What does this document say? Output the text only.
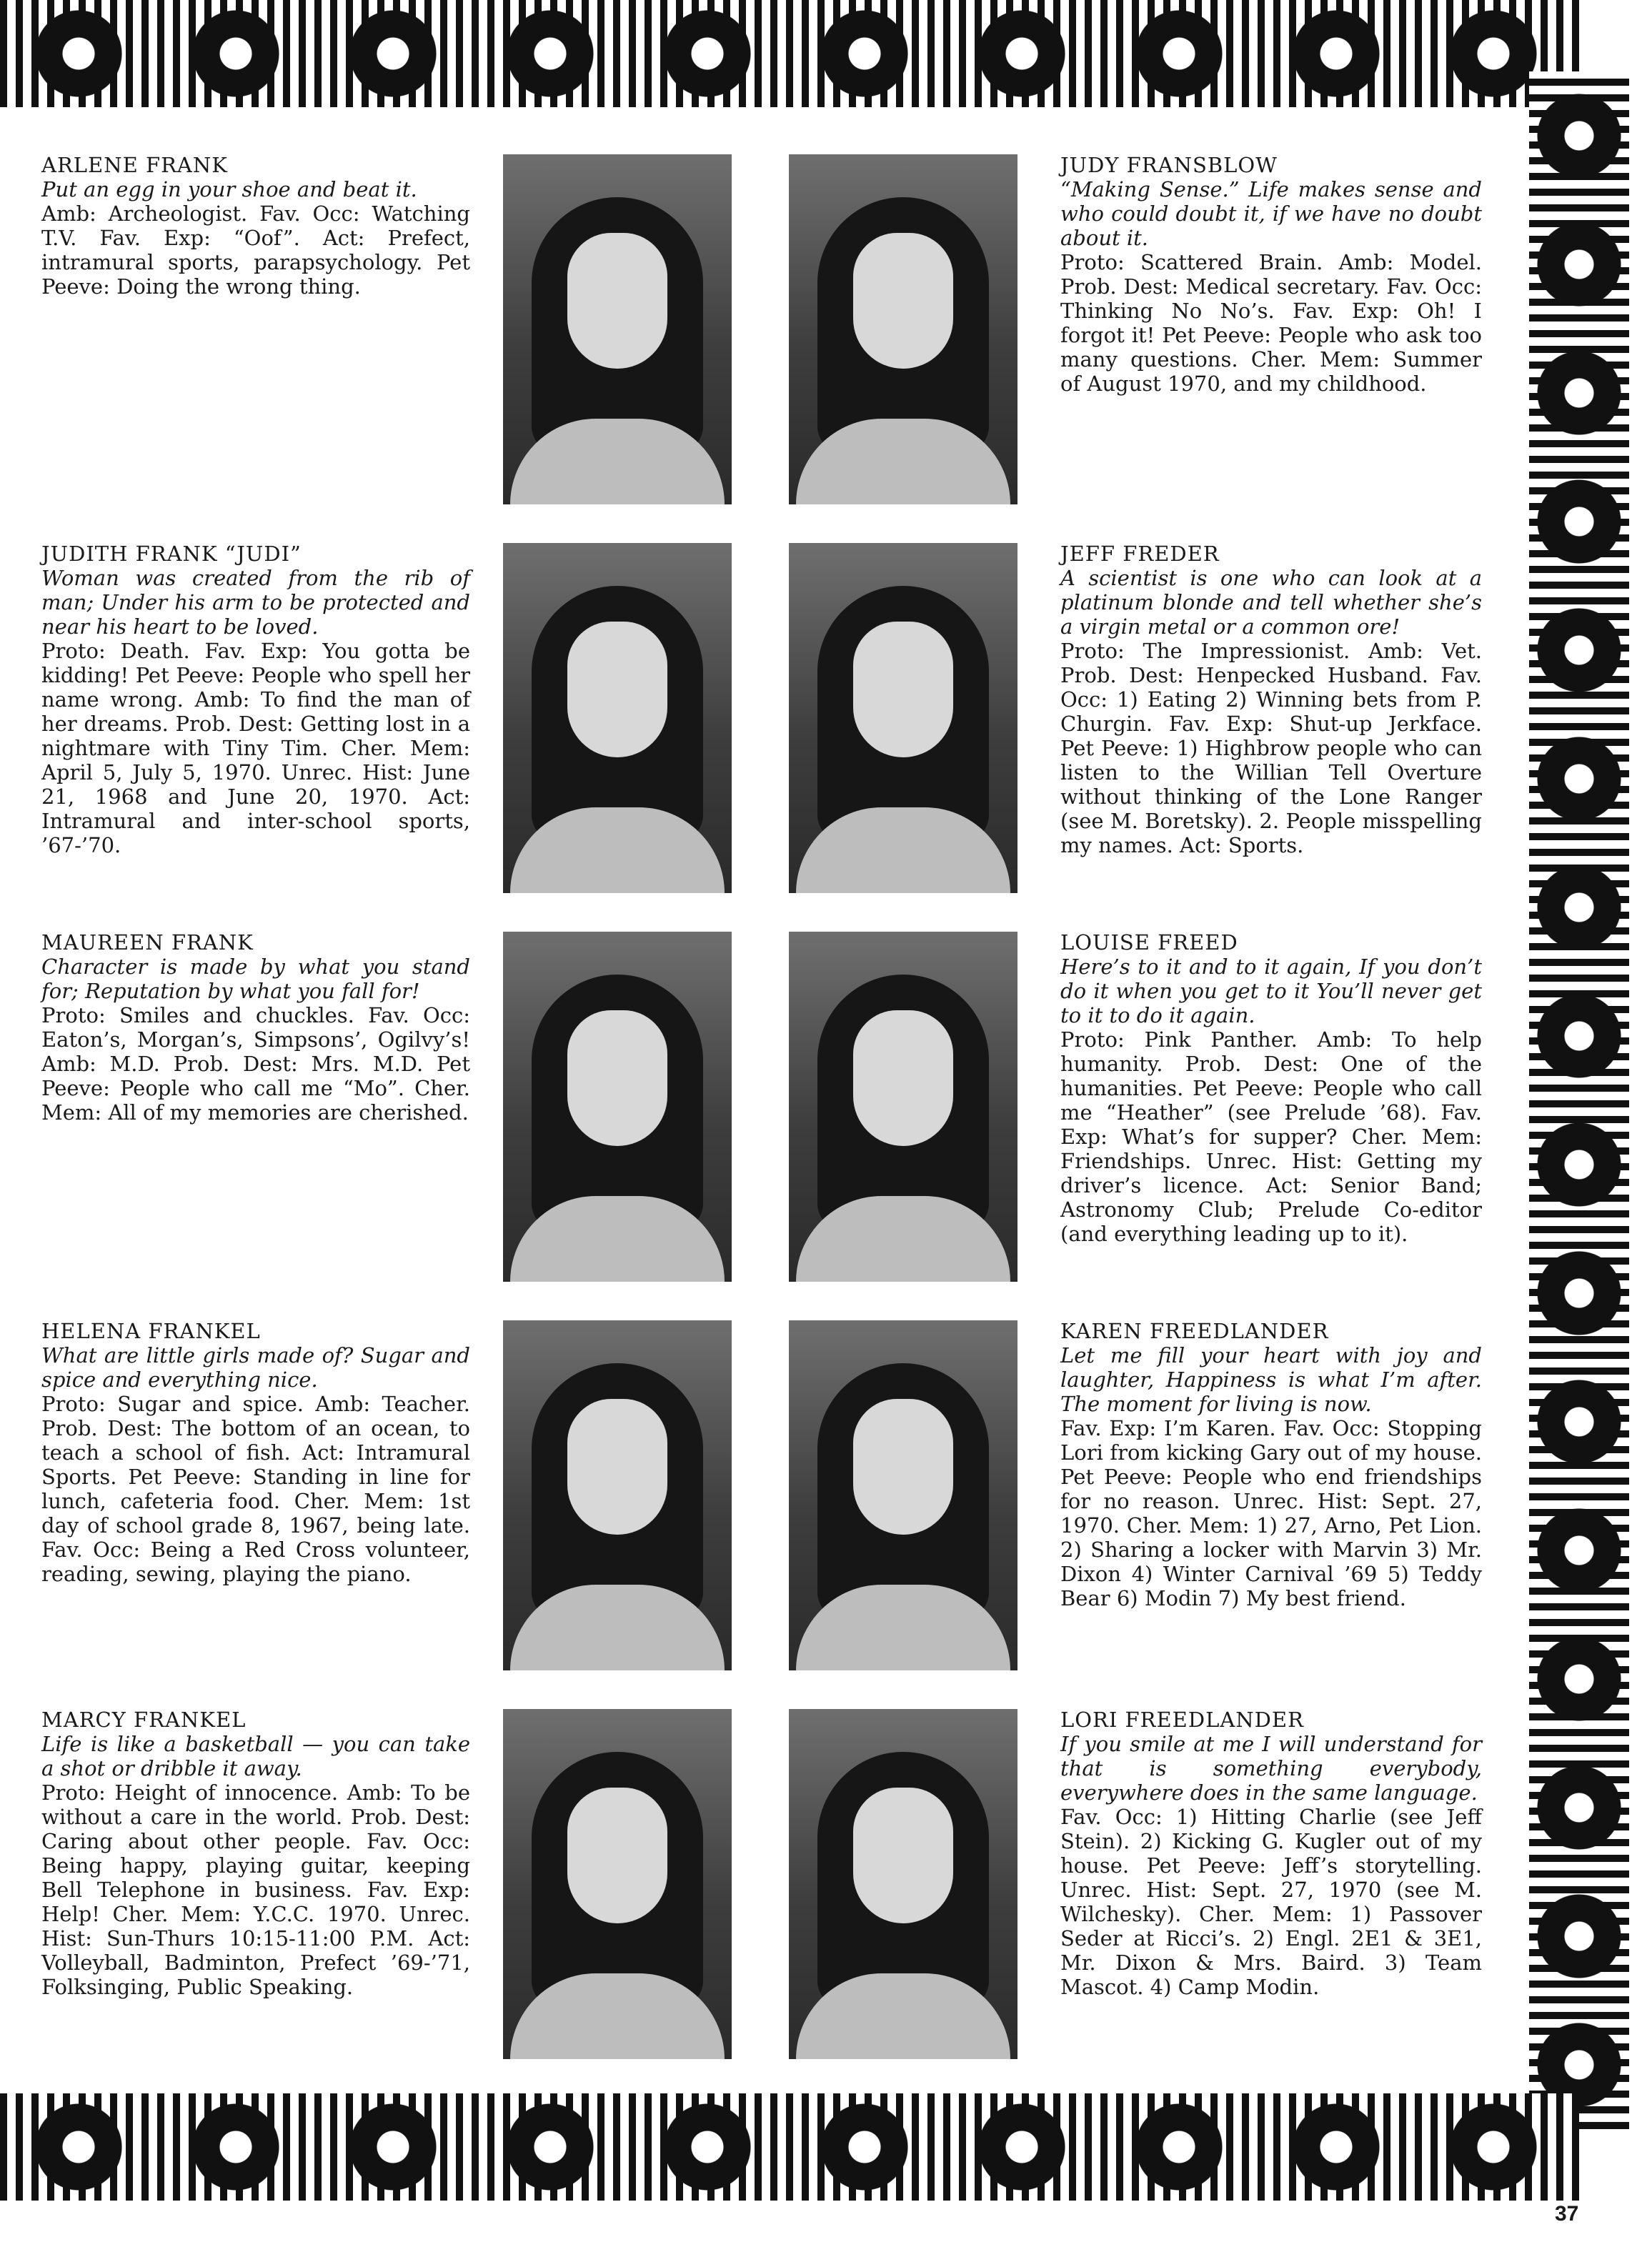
ARLENE FRANK
Put an egg in your shoe and beat it.
Amb: Archeologist. Fav. Occ: Watching T.V. Fav. Exp: “Oof”. Act: Prefect, intramural sports, parapsychology. Pet Peeve: Doing the wrong thing.
JUDITH FRANK “JUDI”
Woman was created from the rib of man; Under his arm to be protected and near his heart to be loved.
Proto: Death. Fav. Exp: You gotta be kidding! Pet Peeve: People who spell her name wrong. Amb: To find the man of her dreams. Prob. Dest: Getting lost in a nightmare with Tiny Tim. Cher. Mem: April 5, July 5, 1970. Unrec. Hist: June 21, 1968 and June 20, 1970. Act: Intramural and inter-school sports, ’67-’70.
MAUREEN FRANK
Character is made by what you stand for; Reputation by what you fall for!
Proto: Smiles and chuckles. Fav. Occ: Eaton’s, Morgan’s, Simpsons’, Ogilvy’s! Amb: M.D. Prob. Dest: Mrs. M.D. Pet Peeve: People who call me “Mo”. Cher. Mem: All of my memories are cherished.
HELENA FRANKEL
What are little girls made of? Sugar and spice and everything nice.
Proto: Sugar and spice. Amb: Teacher. Prob. Dest: The bottom of an ocean, to teach a school of fish. Act: Intramural Sports. Pet Peeve: Standing in line for lunch, cafeteria food. Cher. Mem: 1st day of school grade 8, 1967, being late. Fav. Occ: Being a Red Cross volunteer, reading, sewing, playing the piano.
MARCY FRANKEL
Life is like a basketball — you can take a shot or dribble it away.
Proto: Height of innocence. Amb: To be without a care in the world. Prob. Dest: Caring about other people. Fav. Occ: Being happy, playing guitar, keeping Bell Telephone in business. Fav. Exp: Help! Cher. Mem: Y.C.C. 1970. Unrec. Hist: Sun-Thurs 10:15-11:00 P.M. Act: Volleyball, Badminton, Prefect ’69-’71, Folksinging, Public Speaking.
JUDY FRANSBLOW
“Making Sense.” Life makes sense and who could doubt it, if we have no doubt about it.
Proto: Scattered Brain. Amb: Model. Prob. Dest: Medical secretary. Fav. Occ: Thinking No No’s. Fav. Exp: Oh! I forgot it! Pet Peeve: People who ask too many questions. Cher. Mem: Summer of August 1970, and my childhood.
JEFF FREDER
A scientist is one who can look at a platinum blonde and tell whether she’s a virgin metal or a common ore!
Proto: The Impressionist. Amb: Vet. Prob. Dest: Henpecked Husband. Fav. Occ: 1) Eating 2) Winning bets from P. Churgin. Fav. Exp: Shut-up Jerkface. Pet Peeve: 1) Highbrow people who can listen to the Willian Tell Overture without thinking of the Lone Ranger (see M. Boretsky). 2. People misspelling my names. Act: Sports.
LOUISE FREED
Here’s to it and to it again, If you don’t do it when you get to it You’ll never get to it to do it again.
Proto: Pink Panther. Amb: To help humanity. Prob. Dest: One of the humanities. Pet Peeve: People who call me “Heather” (see Prelude ’68). Fav. Exp: What’s for supper? Cher. Mem: Friendships. Unrec. Hist: Getting my driver’s licence. Act: Senior Band; Astronomy Club; Prelude Co-editor (and everything leading up to it).
KAREN FREEDLANDER
Let me fill your heart with joy and laughter, Happiness is what I’m after. The moment for living is now.
Fav. Exp: I’m Karen. Fav. Occ: Stopping Lori from kicking Gary out of my house. Pet Peeve: People who end friendships for no reason. Unrec. Hist: Sept. 27, 1970. Cher. Mem: 1) 27, Arno, Pet Lion. 2) Sharing a locker with Marvin 3) Mr. Dixon 4) Winter Carnival ’69 5) Teddy Bear 6) Modin 7) My best friend.
LORI FREEDLANDER
If you smile at me I will understand for that is something everybody, everywhere does in the same language.
Fav. Occ: 1) Hitting Charlie (see Jeff Stein). 2) Kicking G. Kugler out of my house. Pet Peeve: Jeff’s storytelling. Unrec. Hist: Sept. 27, 1970 (see M. Wilchesky). Cher. Mem: 1) Passover Seder at Ricci’s. 2) Engl. 2E1 & 3E1, Mr. Dixon & Mrs. Baird. 3) Team Mascot. 4) Camp Modin.
37
